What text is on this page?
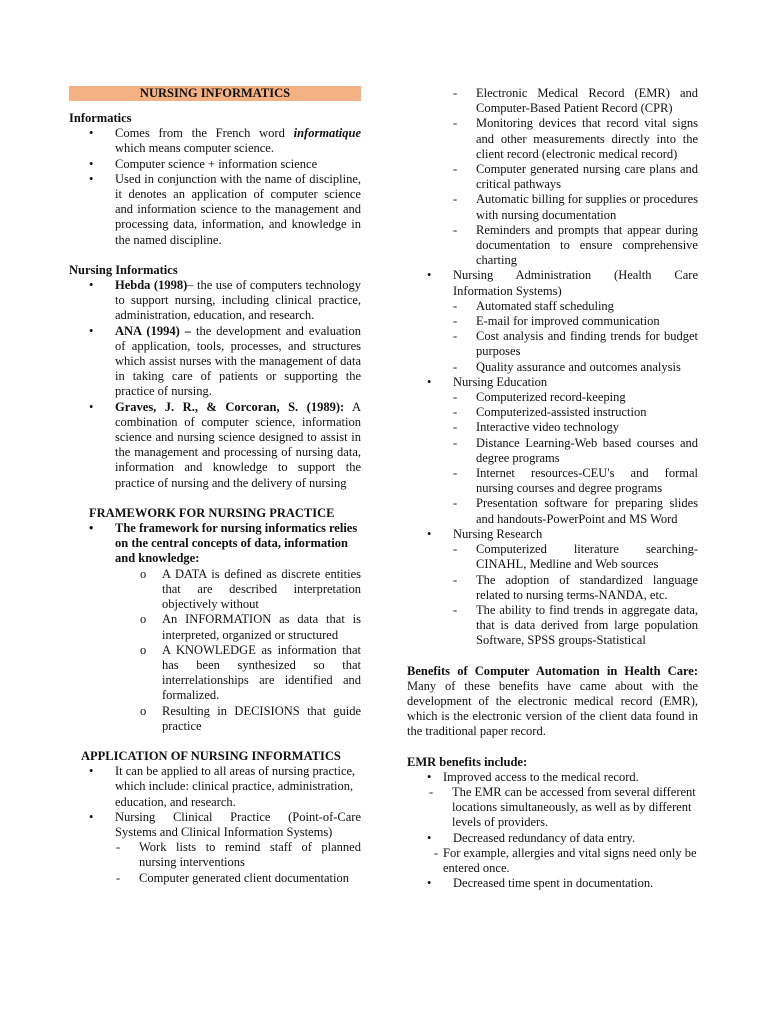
NURSING INFORMATICS
Informatics
• Comes from the French word informatique which means computer science.
• Computer science + information science
• Used in conjunction with the name of discipline, it denotes an application of computer science and information science to the management and processing data, information, and knowledge in the named discipline.
Nursing Informatics
• Hebda (1998)– the use of computers technology to support nursing, including clinical practice, administration, education, and research.
• ANA (1994) – the development and evaluation of application, tools, processes, and structures which assist nurses with the management of data in taking care of patients or supporting the practice of nursing.
• Graves, J. R., & Corcoran, S. (1989): A combination of computer science, information science and nursing science designed to assist in the management and processing of nursing data, information and knowledge to support the practice of nursing and the delivery of nursing
FRAMEWORK FOR NURSING PRACTICE
• The framework for nursing informatics relies on the central concepts of data, information and knowledge:
o A DATA is defined as discrete entities that are described interpretation objectively without
o An INFORMATION as data that is interpreted, organized or structured
o A KNOWLEDGE as information that has been synthesized so that interrelationships are identified and formalized.
o Resulting in DECISIONS that guide practice
APPLICATION OF NURSING INFORMATICS
• It can be applied to all areas of nursing practice, which include: clinical practice, administration, education, and research.
• Nursing Clinical Practice (Point-of-Care Systems and Clinical Information Systems)
- Work lists to remind staff of planned nursing interventions
- Computer generated client documentation
- Electronic Medical Record (EMR) and Computer-Based Patient Record (CPR)
- Monitoring devices that record vital signs and other measurements directly into the client record (electronic medical record)
- Computer generated nursing care plans and critical pathways
- Automatic billing for supplies or procedures with nursing documentation
- Reminders and prompts that appear during documentation to ensure comprehensive charting
• Nursing Administration (Health Care Information Systems)
- Automated staff scheduling
- E-mail for improved communication
- Cost analysis and finding trends for budget purposes
- Quality assurance and outcomes analysis
• Nursing Education
- Computerized record-keeping
- Computerized-assisted instruction
- Interactive video technology
- Distance Learning-Web based courses and degree programs
- Internet resources-CEU's and formal nursing courses and degree programs
- Presentation software for preparing slides and handouts-PowerPoint and MS Word
• Nursing Research
- Computerized literature searching-CINAHL, Medline and Web sources
- The adoption of standardized language related to nursing terms-NANDA, etc.
- The ability to find trends in aggregate data, that is data derived from large population Software, SPSS groups-Statistical
Benefits of Computer Automation in Health Care: Many of these benefits have came about with the development of the electronic medical record (EMR), which is the electronic version of the client data found in the traditional paper record.
EMR benefits include:
• Improved access to the medical record.
- The EMR can be accessed from several different locations simultaneously, as well as by different levels of providers.
• Decreased redundancy of data entry.
- For example, allergies and vital signs need only be entered once.
• Decreased time spent in documentation.
